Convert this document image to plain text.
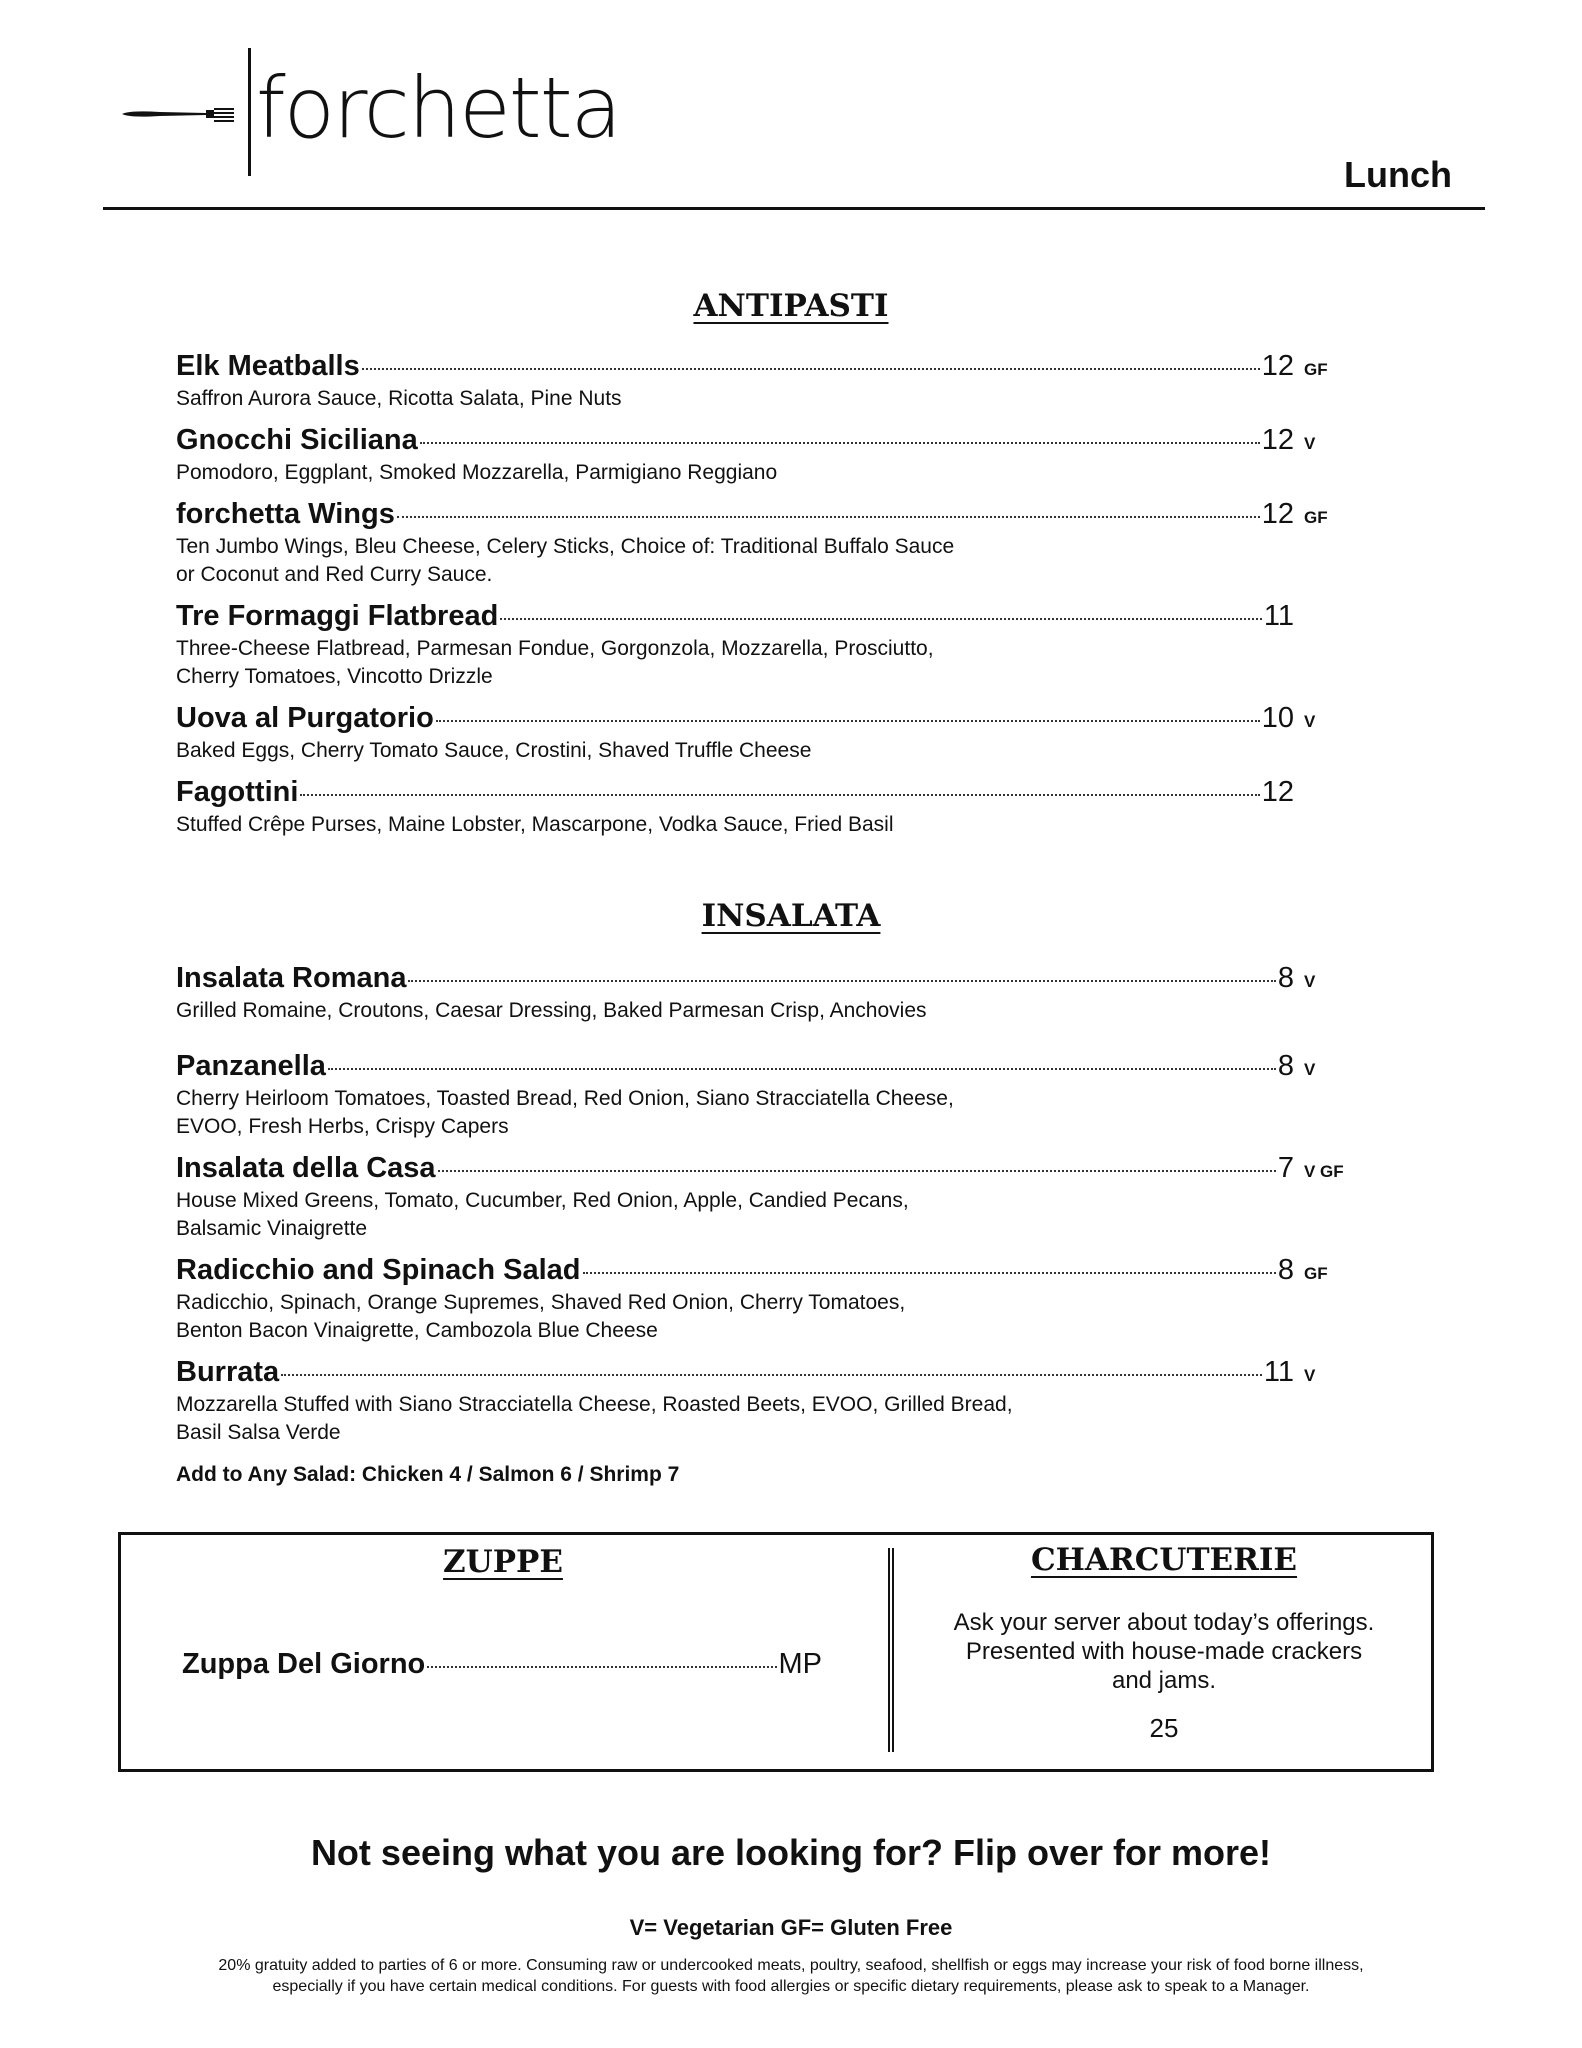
forchetta
Lunch
ANTIPASTI
Elk Meatballs	12 GF
Saffron Aurora Sauce, Ricotta Salata, Pine Nuts
Gnocchi Siciliana	12 V
Pomodoro, Eggplant, Smoked Mozzarella, Parmigiano Reggiano
forchetta Wings	12 GF
Ten Jumbo Wings, Bleu Cheese, Celery Sticks, Choice of: Traditional Buffalo Sauce
or Coconut and Red Curry Sauce.
Tre Formaggi Flatbread	11
Three-Cheese Flatbread, Parmesan Fondue, Gorgonzola, Mozzarella, Prosciutto,
Cherry Tomatoes, Vincotto Drizzle
Uova al Purgatorio	10 V
Baked Eggs, Cherry Tomato Sauce, Crostini, Shaved Truffle Cheese
Fagottini	12
Stuffed Crêpe Purses, Maine Lobster, Mascarpone, Vodka Sauce, Fried Basil
INSALATA
Insalata Romana	8 V
Grilled Romaine, Croutons, Caesar Dressing, Baked Parmesan Crisp, Anchovies
Panzanella	8 V
Cherry Heirloom Tomatoes, Toasted Bread, Red Onion, Siano Stracciatella Cheese,
EVOO, Fresh Herbs, Crispy Capers
Insalata della Casa	7 V GF
House Mixed Greens, Tomato, Cucumber, Red Onion, Apple, Candied Pecans,
Balsamic Vinaigrette
Radicchio and Spinach Salad	8 GF
Radicchio, Spinach, Orange Supremes, Shaved Red Onion, Cherry Tomatoes,
Benton Bacon Vinaigrette, Cambozola Blue Cheese
Burrata	11 V
Mozzarella Stuffed with Siano Stracciatella Cheese, Roasted Beets, EVOO, Grilled Bread,
Basil Salsa Verde
Add to Any Salad: Chicken 4 / Salmon 6 / Shrimp 7
ZUPPE
Zuppa Del Giorno	MP
CHARCUTERIE
Ask your server about today’s offerings.
Presented with house-made crackers
and jams.
25
Not seeing what you are looking for? Flip over for more!
V= Vegetarian GF= Gluten Free
20% gratuity added to parties of 6 or more. Consuming raw or undercooked meats, poultry, seafood, shellfish or eggs may increase your risk of food borne illness,
especially if you have certain medical conditions. For guests with food allergies or specific dietary requirements, please ask to speak to a Manager.
